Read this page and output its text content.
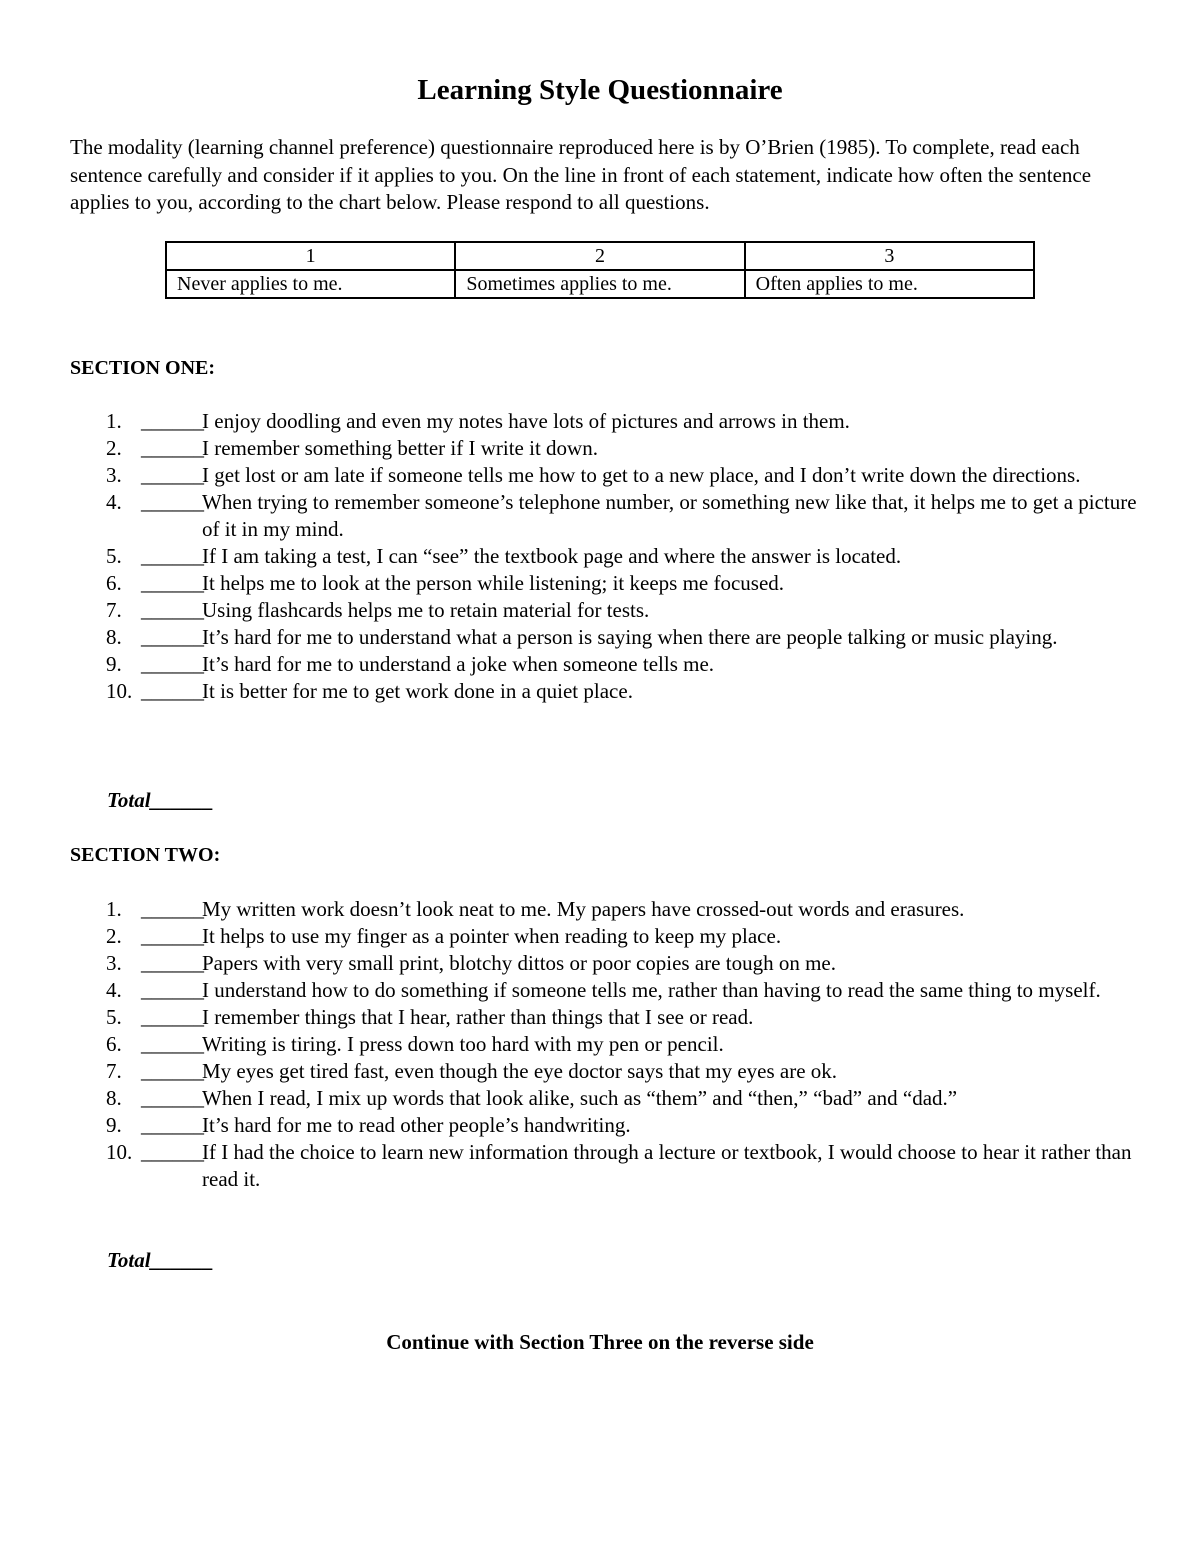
Learning Style Questionnaire
The modality (learning channel preference) questionnaire reproduced here is by O’Brien (1985). To complete, read each sentence carefully and consider if it applies to you. On the line in front of each statement, indicate how often the sentence applies to you, according to the chart below. Please respond to all questions.
1	2	3
Never applies to me.	Sometimes applies to me.	Often applies to me.
SECTION ONE:
1. ______
I enjoy doodling and even my notes have lots of pictures and arrows in them.
2. ______
I remember something better if I write it down.
3. ______
I get lost or am late if someone tells me how to get to a new place, and I don’t write down the directions.
4. ______
When trying to remember someone’s telephone number, or something new like that, it helps me to get a picture of it in my mind.
5. ______
If I am taking a test, I can “see” the textbook page and where the answer is located.
6. ______
It helps me to look at the person while listening; it keeps me focused.
7. ______
Using flashcards helps me to retain material for tests.
8. ______
It’s hard for me to understand what a person is saying when there are people talking or music playing.
9. ______
It’s hard for me to understand a joke when someone tells me.
10. ______
It is better for me to get work done in a quiet place.
Total______
SECTION TWO:
1. ______
My written work doesn’t look neat to me. My papers have crossed-out words and erasures.
2. ______
It helps to use my finger as a pointer when reading to keep my place.
3. ______
Papers with very small print, blotchy dittos or poor copies are tough on me.
4. ______
I understand how to do something if someone tells me, rather than having to read the same thing to myself.
5. ______
I remember things that I hear, rather than things that I see or read.
6. ______
Writing is tiring. I press down too hard with my pen or pencil.
7. ______
My eyes get tired fast, even though the eye doctor says that my eyes are ok.
8. ______
When I read, I mix up words that look alike, such as “them” and “then,” “bad” and “dad.”
9. ______
It’s hard for me to read other people’s handwriting.
10. ______
If I had the choice to learn new information through a lecture or textbook, I would choose to hear it rather than read it.
Total______
Continue with Section Three on the reverse side
